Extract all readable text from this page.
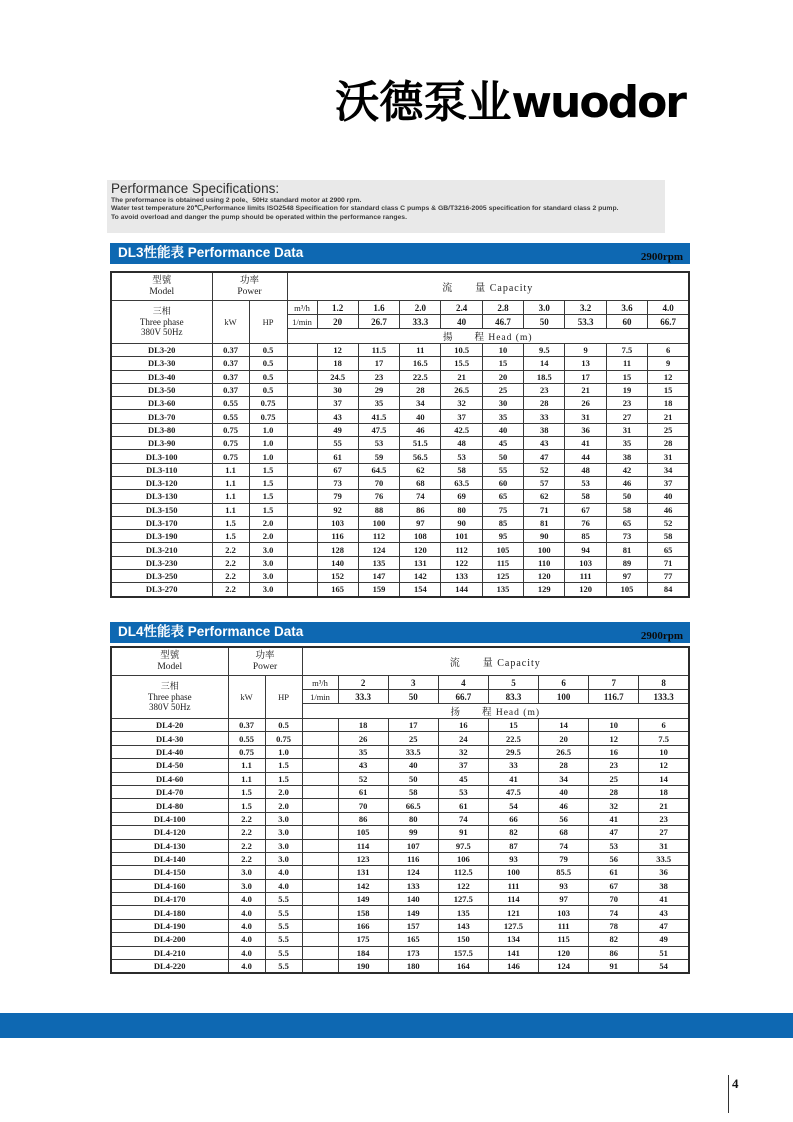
沃德泵业wuodor
Performance Specifications:
The preformance is obtained using 2 pole、50Hz standard motor at 2900 rpm.
Water test temperature 20℃,Performance limits ISO2548 Specification for standard class C pumps & GB/T3216-2005 specification for standard class 2 pump.
To avoid overload and danger the pump should be operated within the performance ranges.
DL3性能表 Performance Data	2900rpm
型號
Model

功率
Power	流　　量 Capacity

三相
Three phase
380V 50Hz	kW	HP	m³/h	1.2	1.6	2.0	2.4	2.8	3.0	3.2	3.6	4.0
			1/min	20	26.7	33.3	40	46.7	50	53.3	60	66.7
			揚　　程 Head (m)									
DL3-20	0.37	0.5		12	11.5	11	10.5	10	9.5	9	7.5	6
DL3-30	0.37	0.5		18	17	16.5	15.5	15	14	13	11	9
DL3-40	0.37	0.5		24.5	23	22.5	21	20	18.5	17	15	12
DL3-50	0.37	0.5		30	29	28	26.5	25	23	21	19	15
DL3-60	0.55	0.75		37	35	34	32	30	28	26	23	18
DL3-70	0.55	0.75		43	41.5	40	37	35	33	31	27	21
DL3-80	0.75	1.0		49	47.5	46	42.5	40	38	36	31	25
DL3-90	0.75	1.0		55	53	51.5	48	45	43	41	35	28
DL3-100	0.75	1.0		61	59	56.5	53	50	47	44	38	31
DL3-110	1.1	1.5		67	64.5	62	58	55	52	48	42	34
DL3-120	1.1	1.5		73	70	68	63.5	60	57	53	46	37
DL3-130	1.1	1.5		79	76	74	69	65	62	58	50	40
DL3-150	1.1	1.5		92	88	86	80	75	71	67	58	46
DL3-170	1.5	2.0		103	100	97	90	85	81	76	65	52
DL3-190	1.5	2.0		116	112	108	101	95	90	85	73	58
DL3-210	2.2	3.0		128	124	120	112	105	100	94	81	65
DL3-230	2.2	3.0		140	135	131	122	115	110	103	89	71
DL3-250	2.2	3.0		152	147	142	133	125	120	111	97	77
DL3-270	2.2	3.0		165	159	154	144	135	129	120	105	84
DL4性能表 Performance Data	2900rpm
型號
Model

功率
Power	流　　量 Capacity

三相
Three phase
380V 50Hz	kW	HP	m³/h	2	3	4	5	6	7	8
			1/min	33.3	50	66.7	83.3	100	116.7	133.3
			扬　　程 Head (m)							
DL4-20	0.37	0.5		18	17	16	15	14	10	6
DL4-30	0.55	0.75		26	25	24	22.5	20	12	7.5
DL4-40	0.75	1.0		35	33.5	32	29.5	26.5	16	10
DL4-50	1.1	1.5		43	40	37	33	28	23	12
DL4-60	1.1	1.5		52	50	45	41	34	25	14
DL4-70	1.5	2.0		61	58	53	47.5	40	28	18
DL4-80	1.5	2.0		70	66.5	61	54	46	32	21
DL4-100	2.2	3.0		86	80	74	66	56	41	23
DL4-120	2.2	3.0		105	99	91	82	68	47	27
DL4-130	2.2	3.0		114	107	97.5	87	74	53	31
DL4-140	2.2	3.0		123	116	106	93	79	56	33.5
DL4-150	3.0	4.0		131	124	112.5	100	85.5	61	36
DL4-160	3.0	4.0		142	133	122	111	93	67	38
DL4-170	4.0	5.5		149	140	127.5	114	97	70	41
DL4-180	4.0	5.5		158	149	135	121	103	74	43
DL4-190	4.0	5.5		166	157	143	127.5	111	78	47
DL4-200	4.0	5.5		175	165	150	134	115	82	49
DL4-210	4.0	5.5		184	173	157.5	141	120	86	51
DL4-220	4.0	5.5		190	180	164	146	124	91	54
4
